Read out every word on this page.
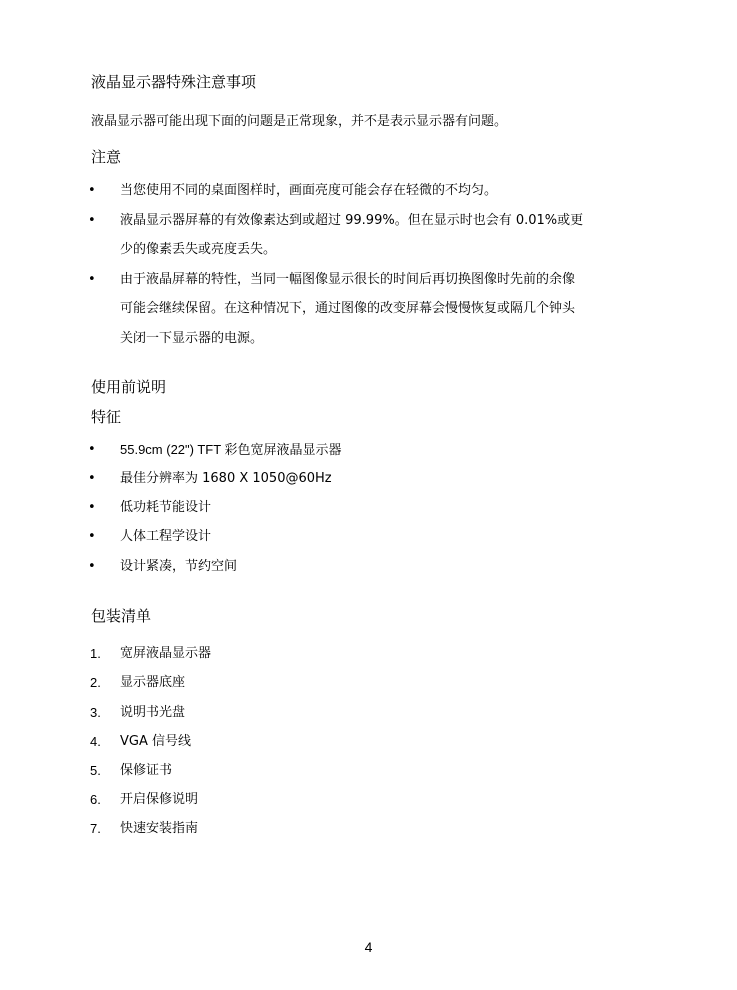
液晶显示器特殊注意事项
液晶显示器可能出现下面的问题是正常现象，并不是表示显示器有问题。
注意
• 当您使用不同的桌面图样时，画面亮度可能会存在轻微的不均匀。
• 液晶显示器屏幕的有效像素达到或超过 99.99%。但在显示时也会有 0.01%或更
少的像素丢失或亮度丢失。
• 由于液晶屏幕的特性，当同一幅图像显示很长的时间后再切换图像时先前的余像
可能会继续保留。在这种情况下，通过图像的改变屏幕会慢慢恢复或隔几个钟头
关闭一下显示器的电源。
使用前说明
特征
• 55.9cm (22") TFT 彩色宽屏液晶显示器
• 最佳分辨率为 1680 X 1050@60Hz
• 低功耗节能设计
• 人体工程学设计
• 设计紧凑，节约空间
包装清单
1. 宽屏液晶显示器
2. 显示器底座
3. 说明书光盘
4. VGA 信号线
5. 保修证书
6. 开启保修说明
7. 快速安装指南
4
